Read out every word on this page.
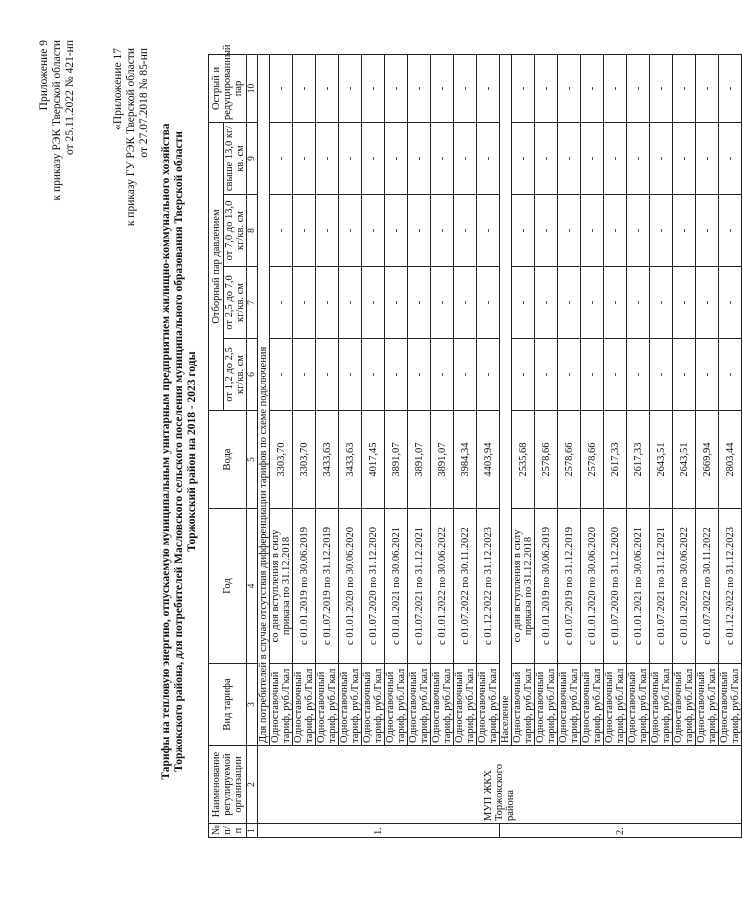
Приложение 9 к приказу РЭК Тверской области от 25.11.2022 № 421-нп	«Приложение 17 к приказу ГУ РЭК Тверской области от 27.07.2018 № 85-нп
Тарифы на тепловую энергию, отпускаемую муниципальным унитарным предприятием жилищно-коммунального хозяйства Торжокского района, для потребителей Масловского сельского поселения муниципального образования Тверской области Торжокский район на 2018 - 2023 годы
№ п/ п	Наименование регулируемой организации	Вид тарифа	Год	Вода	Отборный пар давлением				Острый и редуцированный пар
					от 1,2 до 2,5 кг/кв. см	от 2,5 до 7,0 кг/кв. см	от 7,0 до 13,0 кг/кв. см	свыше 13,0 кг/кв. см	
1	2	3	4	5	6	7	8	9	10
1.	МУП ЖКХ Торжокского района	Для потребителей в случае отсутствия дифференциации тарифов по схеме подключения							
		Одноставочный тариф, руб./Гкал	со дня вступления в силу приказа по 31.12.2018	3303,70	-	-	-	-	-
		Одноставочный тариф, руб./Гкал	с 01.01.2019 по 30.06.2019	3303,70	-	-	-	-	-
		Одноставочный тариф, руб./Гкал	с 01.07.2019 по 31.12.2019	3433,63	-	-	-	-	-
		Одноставочный тариф, руб./Гкал	с 01.01.2020 по 30.06.2020	3433,63	-	-	-	-	-
		Одноставочный тариф, руб./Гкал	с 01.07.2020 по 31.12.2020	4017,45	-	-	-	-	-
		Одноставочный тариф, руб./Гкал	с 01.01.2021 по 30.06.2021	3891,07	-	-	-	-	-
		Одноставочный тариф, руб./Гкал	с 01.07.2021 по 31.12.2021	3891,07	-	-	-	-	-
		Одноставочный тариф, руб./Гкал	с 01.01.2022 по 30.06.2022	3891,07	-	-	-	-	-
		Одноставочный тариф, руб./Гкал	с 01.07.2022 по 30.11.2022	3984,34	-	-	-	-	-
		Одноставочный тариф, руб./Гкал	с 01.12.2022 по 31.12.2023	4403,94	-	-	-	-	-
2.		Население							
		Одноставочный тариф, руб./Гкал	со дня вступления в силу приказа по 31.12.2018	2535,68	-	-	-	-	-
		Одноставочный тариф, руб./Гкал	с 01.01.2019 по 30.06.2019	2578,66	-	-	-	-	-
		Одноставочный тариф, руб./Гкал	с 01.07.2019 по 31.12.2019	2578,66	-	-	-	-	-
		Одноставочный тариф, руб./Гкал	с 01.01.2020 по 30.06.2020	2578,66	-	-	-	-	-
		Одноставочный тариф, руб./Гкал	с 01.07.2020 по 31.12.2020	2617,33	-	-	-	-	-
		Одноставочный тариф, руб./Гкал	с 01.01.2021 по 30.06.2021	2617,33	-	-	-	-	-
		Одноставочный тариф, руб./Гкал	с 01.07.2021 по 31.12.2021	2643,51	-	-	-	-	-
		Одноставочный тариф, руб./Гкал	с 01.01.2022 по 30.06.2022	2643,51	-	-	-	-	-
		Одноставочный тариф, руб./Гкал	с 01.07.2022 по 30.11.2022	2669,94	-	-	-	-	-
		Одноставочный тариф, руб./Гкал	с 01.12.2022 по 31.12.2023	2803,44	-	-	-	-	-
